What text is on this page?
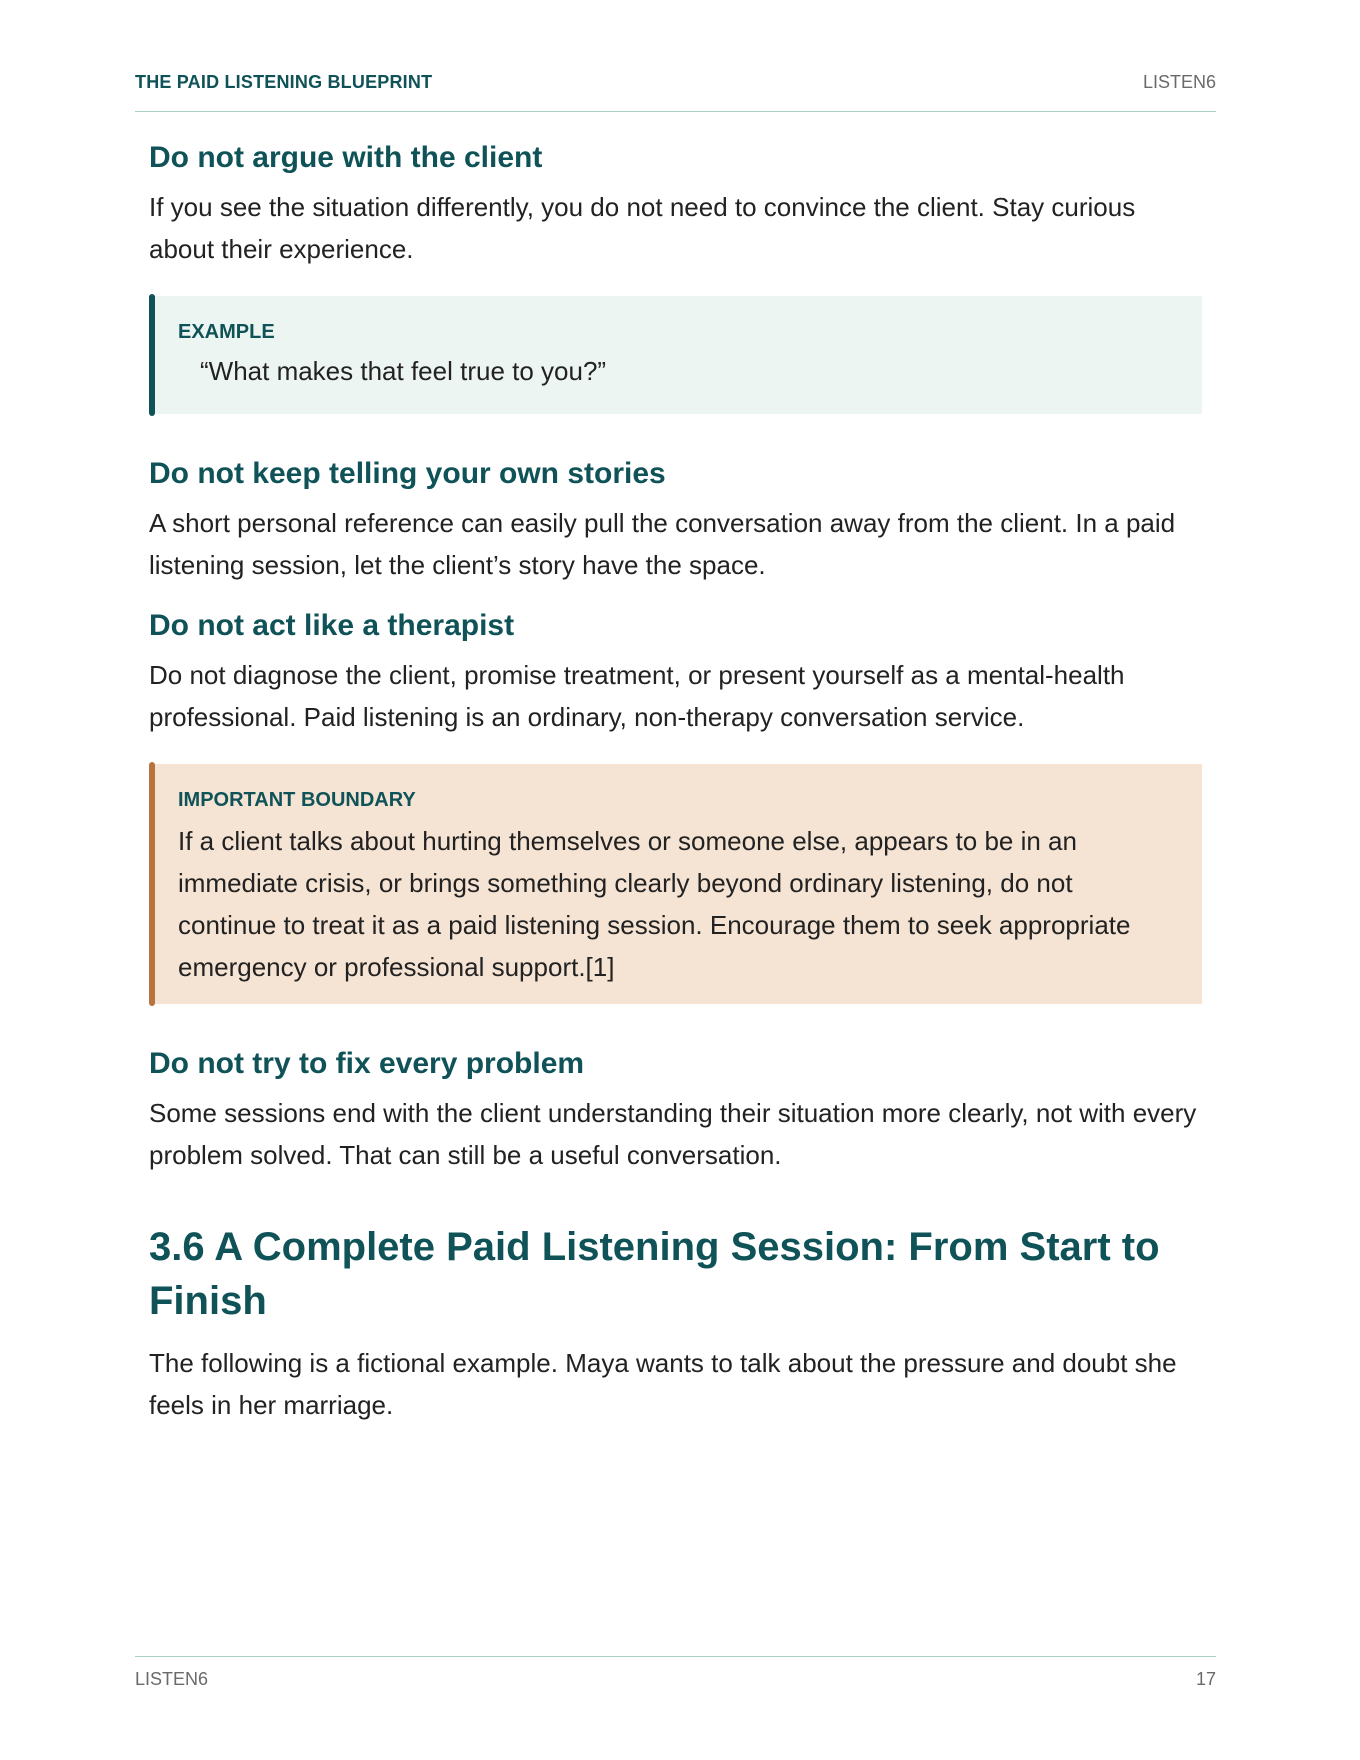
THE PAID LISTENING BLUEPRINT	LISTEN6
Do not argue with the client

If you see the situation differently, you do not need to convince the client. Stay curious about their experience.

EXAMPLE
“What makes that feel true to you?”
Do not keep telling your own stories

A short personal reference can easily pull the conversation away from the client. In a paid listening session, let the client’s story have the space.

Do not act like a therapist

Do not diagnose the client, promise treatment, or present yourself as a mental-health professional. Paid listening is an ordinary, non-therapy conversation service.

IMPORTANT BOUNDARY
If a client talks about hurting themselves or someone else, appears to be in an immediate crisis, or brings something clearly beyond ordinary listening, do not continue to treat it as a paid listening session. Encourage them to seek appropriate emergency or professional support.[1]
Do not try to fix every problem

Some sessions end with the client understanding their situation more clearly, not with every problem solved. That can still be a useful conversation.

3.6 A Complete Paid Listening Session: From Start to Finish

The following is a fictional example. Maya wants to talk about the pressure and doubt she feels in her marriage.

LISTEN6	17
